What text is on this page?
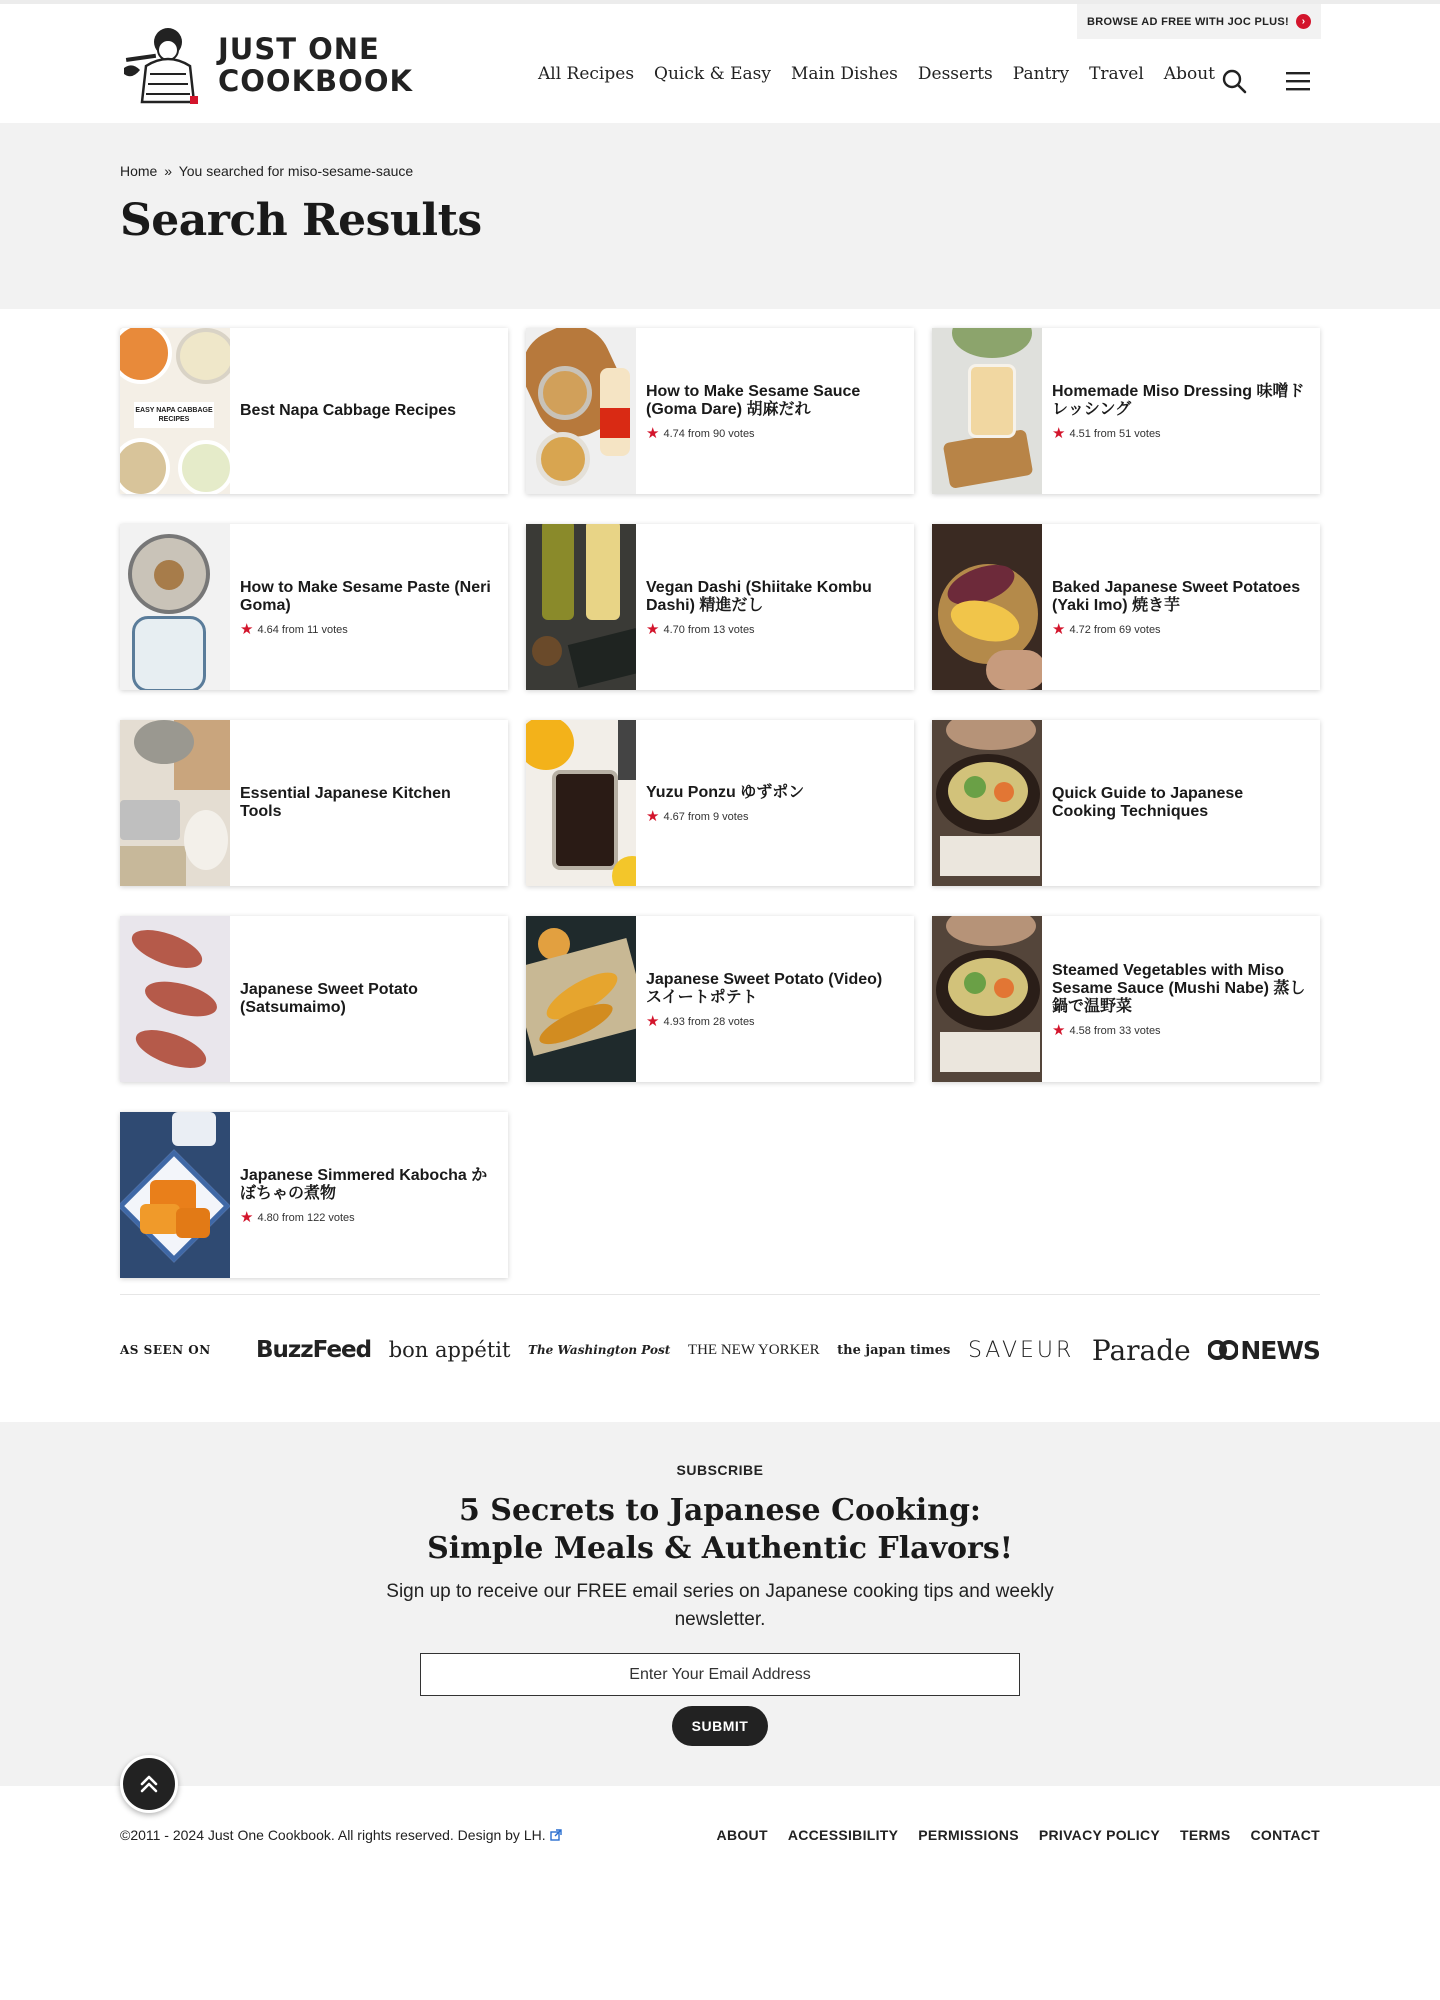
BROWSE AD FREE WITH JOC PLUS!	›
JUST ONE
COOKBOOK	All Recipes Quick & Easy Main Dishes Desserts Pantry Travel About
Home » You searched for miso-sesame-sauce
Search Results
EASY NAPA CABBAGE RECIPES
Best Napa Cabbage Recipes
How to Make Sesame Sauce (Goma Dare) 胡麻だれ
★ 4.74 from 90 votes
Homemade Miso Dressing 味噌ドレッシング
★ 4.51 from 51 votes
How to Make Sesame Paste (Neri Goma)
★ 4.64 from 11 votes
Vegan Dashi (Shiitake Kombu Dashi) 精進だし
★ 4.70 from 13 votes
Baked Japanese Sweet Potatoes (Yaki Imo) 焼き芋
★ 4.72 from 69 votes
Essential Japanese Kitchen Tools
Yuzu Ponzu ゆずポン
★ 4.67 from 9 votes
Quick Guide to Japanese Cooking Techniques
Japanese Sweet Potato (Satsumaimo)
Japanese Sweet Potato (Video) スイートポテト
★ 4.93 from 28 votes
Steamed Vegetables with Miso Sesame Sauce (Mushi Nabe) 蒸し鍋で温野菜
★ 4.58 from 33 votes
Japanese Simmered Kabocha かぼちゃの煮物
★ 4.80 from 122 votes
AS SEEN ON	BuzzFeed bon appétit The Washington Post THE NEW YORKER the japan times SAVEUR Parade NEWS
SUBSCRIBE
5 Secrets to Japanese Cooking:
Simple Meals & Authentic Flavors!

Sign up to receive our FREE email series on Japanese cooking tips and weekly newsletter.

Enter Your Email Address
SUBMIT
©2011 - 2024 Just One Cookbook. All rights reserved. Design by LH.	ABOUT ACCESSIBILITY PERMISSIONS PRIVACY POLICY TERMS CONTACT
